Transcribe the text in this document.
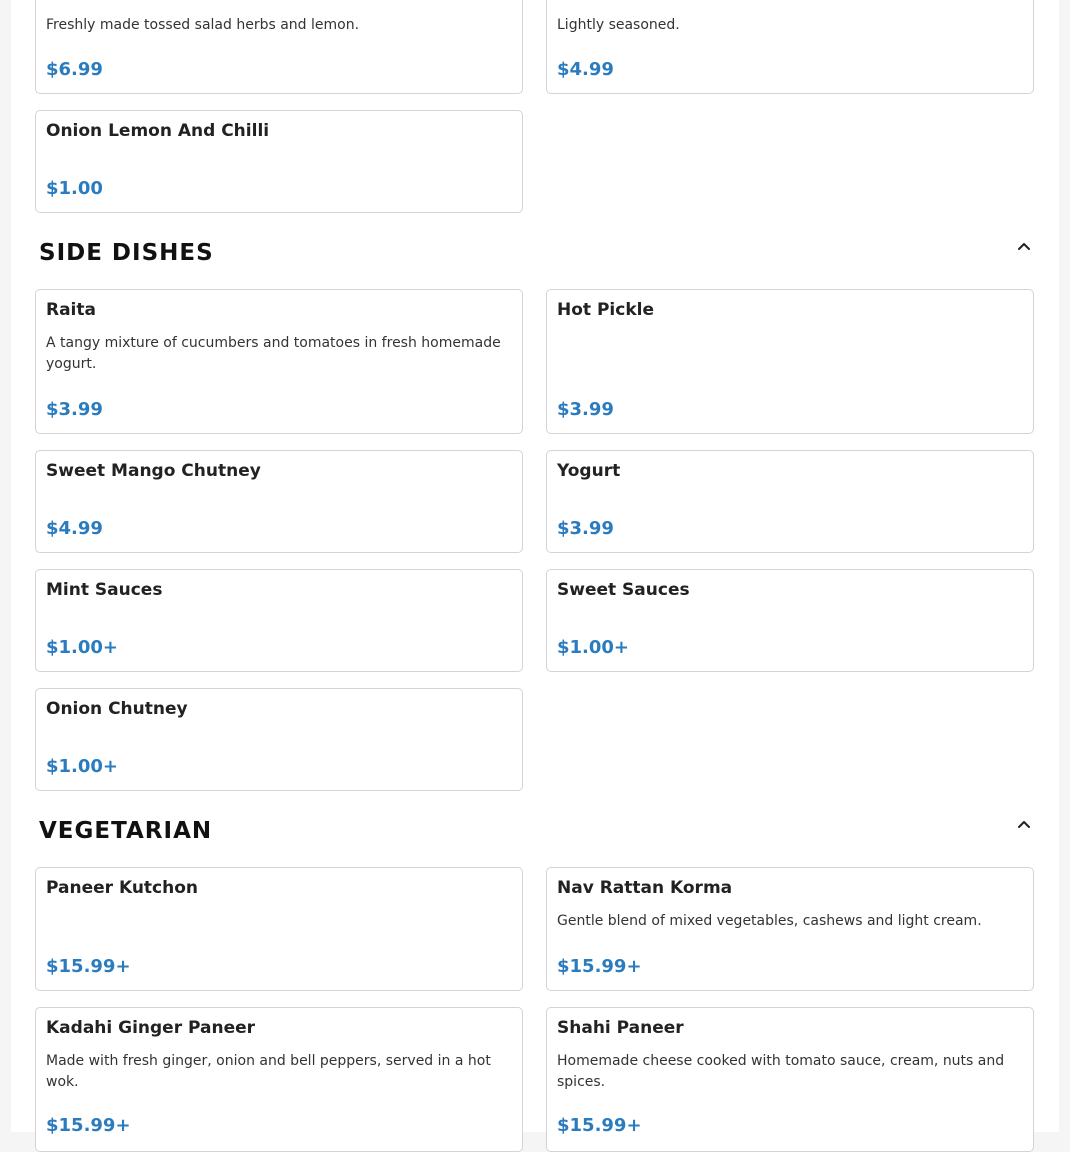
Freshly made tossed salad herbs and lemon.
$6.99
Lightly seasoned.
$4.99
Onion Lemon And Chilli
$1.00
SIDE DISHES
Raita
A tangy mixture of cucumbers and tomatoes in fresh homemade yogurt.
$3.99
Hot Pickle
$3.99
Sweet Mango Chutney
$4.99
Yogurt
$3.99
Mint Sauces
$1.00+
Sweet Sauces
$1.00+
Onion Chutney
$1.00+
VEGETARIAN
Paneer Kutchon
$15.99+
Nav Rattan Korma
Gentle blend of mixed vegetables, cashews and light cream.
$15.99+
Kadahi Ginger Paneer
Made with fresh ginger, onion and bell peppers, served in a hot wok.
$15.99+
Shahi Paneer
Homemade cheese cooked with tomato sauce, cream, nuts and spices.
$15.99+
